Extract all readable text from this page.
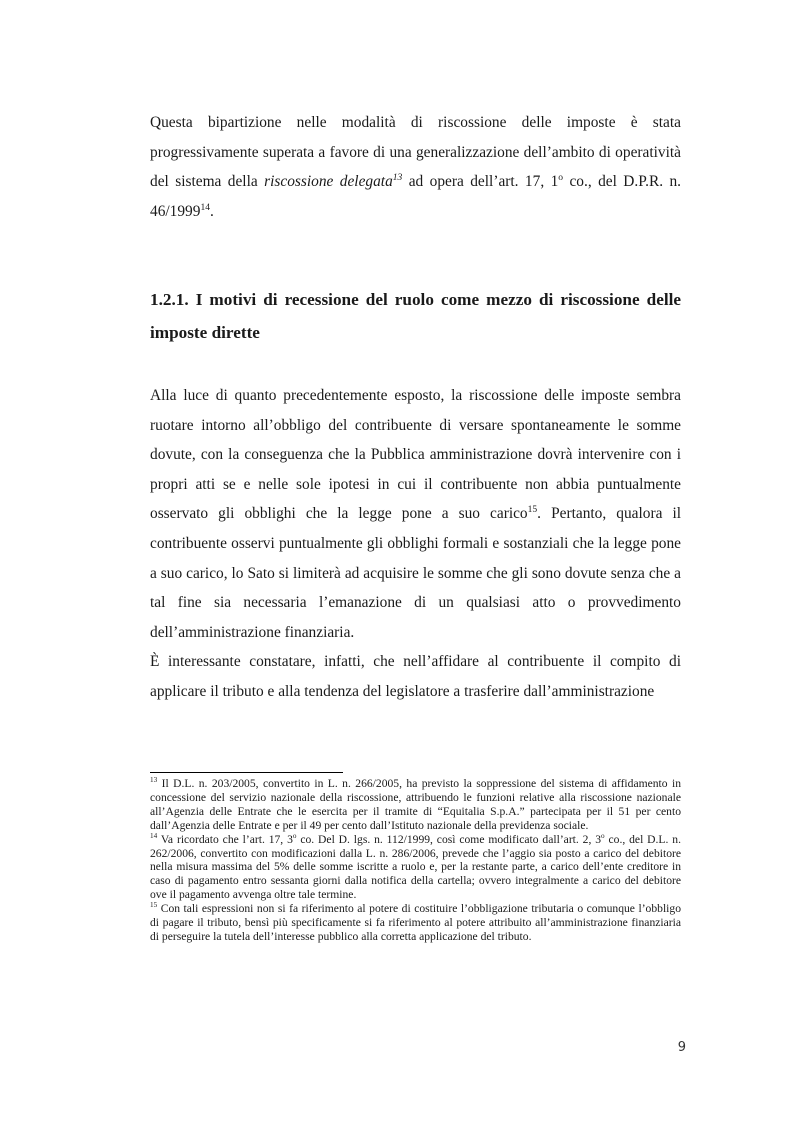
Questa bipartizione nelle modalità di riscossione delle imposte è stata progressivamente superata a favore di una generalizzazione dell’ambito di operatività del sistema della riscossione delegata$^{13}$ ad opera dell’art. 17, 1$^o$ co., del D.P.R. n. 46/1999$^{14}$.

1.2.1. I motivi di recessione del ruolo come mezzo di riscossione delle imposte dirette

Alla luce di quanto precedentemente esposto, la riscossione delle imposte sembra ruotare intorno all’obbligo del contribuente di versare spontaneamente le somme dovute, con la conseguenza che la Pubblica amministrazione dovrà intervenire con i propri atti se e nelle sole ipotesi in cui il contribuente non abbia puntualmente osservato gli obblighi che la legge pone a suo carico$^{15}$. Pertanto, qualora il contribuente osservi puntualmente gli obblighi formali e sostanziali che la legge pone a suo carico, lo Sato si limiterà ad acquisire le somme che gli sono dovute senza che a tal fine sia necessaria l’emanazione di un qualsiasi atto o provvedimento dell’amministrazione finanziaria.

È interessante constatare, infatti, che nell’affidare al contribuente il compito di applicare il tributo e alla tendenza del legislatore a trasferire dall’amministrazione

$^{13}$ Il D.L. n. 203/2005, convertito in L. n. 266/2005, ha previsto la soppressione del sistema di affidamento in concessione del servizio nazionale della riscossione, attribuendo le funzioni relative alla riscossione nazionale all’Agenzia delle Entrate che le esercita per il tramite di “Equitalia S.p.A.” partecipata per il 51 per cento dall’Agenzia delle Entrate e per il 49 per cento dall’Istituto nazionale della previdenza sociale.

$^{14}$ Va ricordato che l’art. 17, 3$^o$ co. Del D. lgs. n. 112/1999, così come modificato dall’art. 2, 3$^o$ co., del D.L. n. 262/2006, convertito con modificazioni dalla L. n. 286/2006, prevede che l’aggio sia posto a carico del debitore nella misura massima del 5% delle somme iscritte a ruolo e, per la restante parte, a carico dell’ente creditore in caso di pagamento entro sessanta giorni dalla notifica della cartella; ovvero integralmente a carico del debitore ove il pagamento avvenga oltre tale termine.

$^{15}$ Con tali espressioni non si fa riferimento al potere di costituire l’obbligazione tributaria o comunque l’obbligo di pagare il tributo, bensì più specificamente si fa riferimento al potere attribuito all’amministrazione finanziaria di perseguire la tutela dell’interesse pubblico alla corretta applicazione del tributo.

9
